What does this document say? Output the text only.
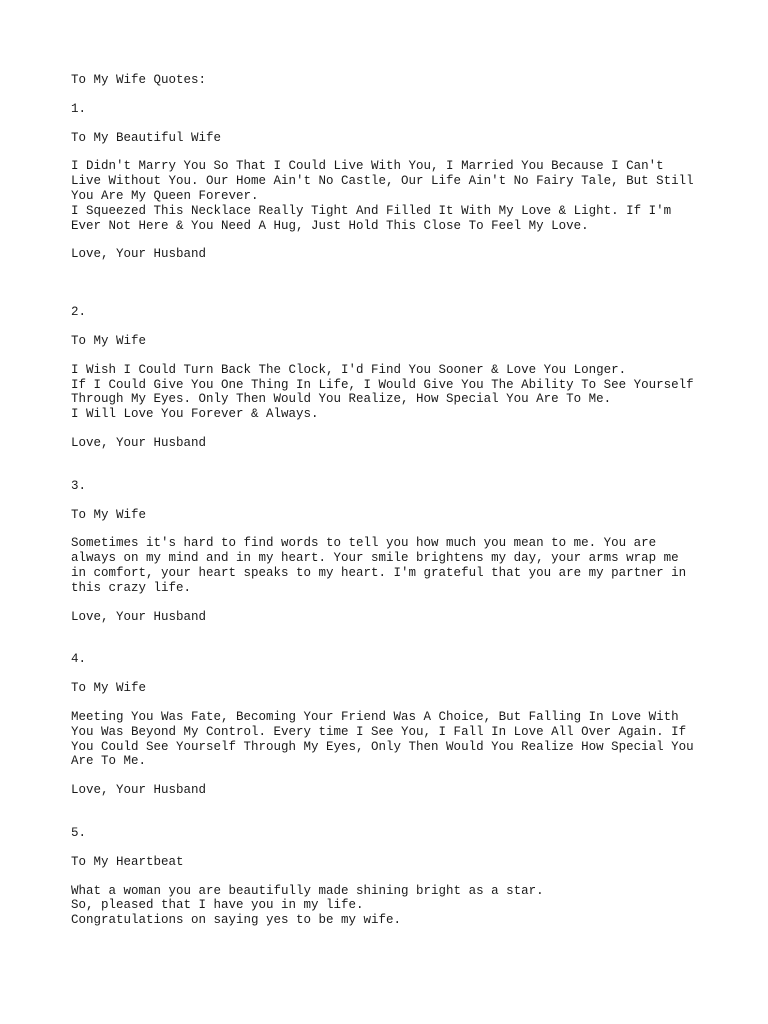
To My Wife Quotes:

1.

To My Beautiful Wife

I Didn't Marry You So That I Could Live With You, I Married You Because I Can't

Live Without You. Our Home Ain't No Castle, Our Life Ain't No Fairy Tale, But Still

You Are My Queen Forever.

I Squeezed This Necklace Really Tight And Filled It With My Love & Light. If I'm

Ever Not Here & You Need A Hug, Just Hold This Close To Feel My Love.

Love, Your Husband

2.

To My Wife

I Wish I Could Turn Back The Clock, I'd Find You Sooner & Love You Longer.

If I Could Give You One Thing In Life, I Would Give You The Ability To See Yourself

Through My Eyes. Only Then Would You Realize, How Special You Are To Me.

I Will Love You Forever & Always.

Love, Your Husband

3.

To My Wife

Sometimes it's hard to find words to tell you how much you mean to me. You are

always on my mind and in my heart. Your smile brightens my day, your arms wrap me

in comfort, your heart speaks to my heart. I'm grateful that you are my partner in

this crazy life.

Love, Your Husband

4.

To My Wife

Meeting You Was Fate, Becoming Your Friend Was A Choice, But Falling In Love With

You Was Beyond My Control. Every time I See You, I Fall In Love All Over Again. If

You Could See Yourself Through My Eyes, Only Then Would You Realize How Special You

Are To Me.

Love, Your Husband

5.

To My Heartbeat

What a woman you are beautifully made shining bright as a star.

So, pleased that I have you in my life.

Congratulations on saying yes to be my wife.
